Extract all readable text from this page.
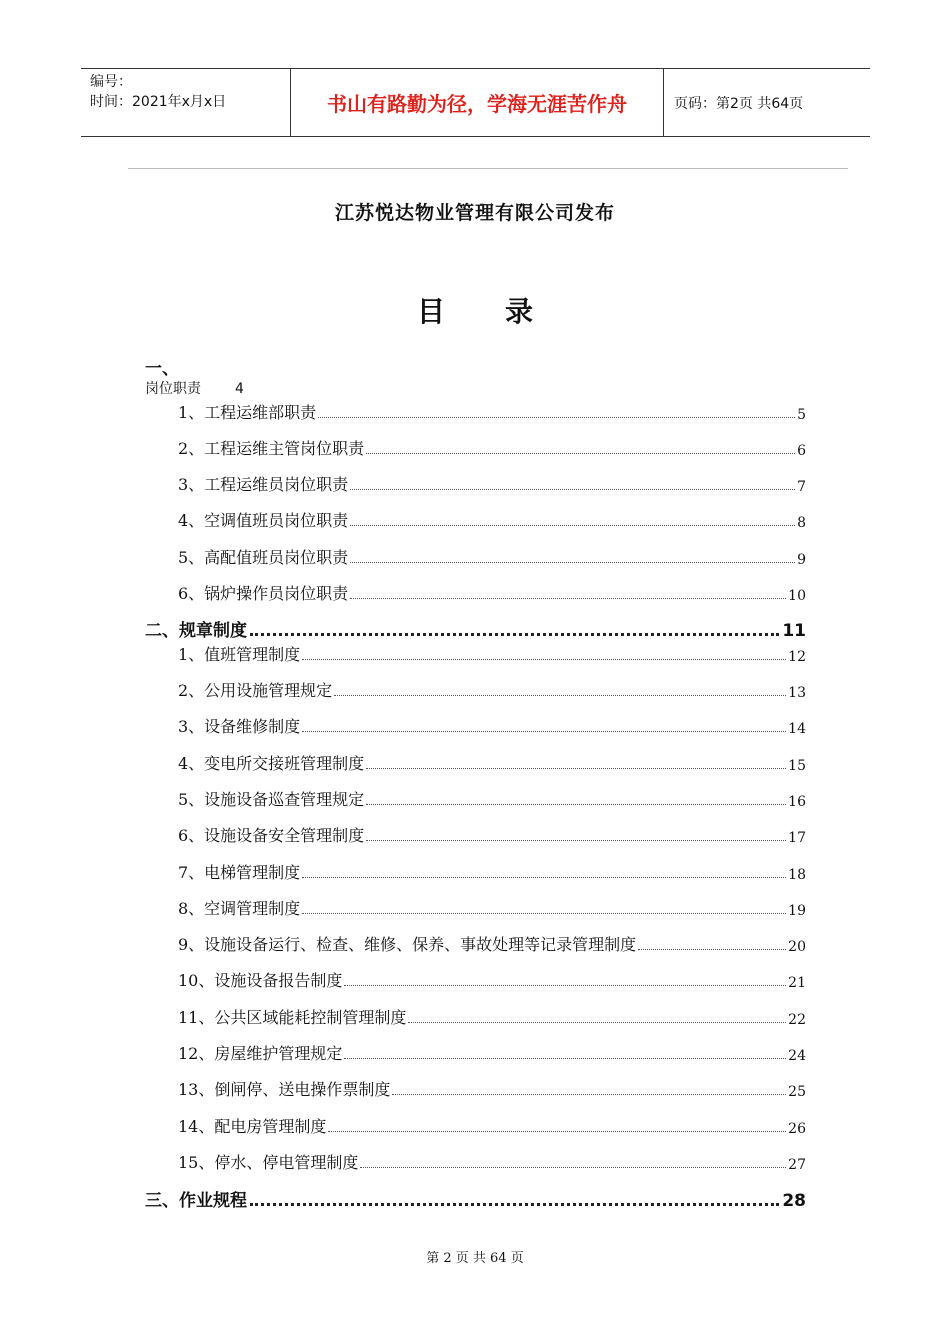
编号：
时间：2021年x月x日	书山有路勤为径，学海无涯苦作舟	页码：第2页 共64页
江苏悦达物业管理有限公司发布
目 录
一、
岗位职责 4
1、工程运维部职责	5
2、工程运维主管岗位职责	6
3、工程运维员岗位职责	7
4、空调值班员岗位职责	8
5、高配值班员岗位职责	9
6、锅炉操作员岗位职责	10
二、规章制度	11
1、值班管理制度	12
2、公用设施管理规定	13
3、设备维修制度	14
4、变电所交接班管理制度	15
5、设施设备巡查管理规定	16
6、设施设备安全管理制度	17
7、电梯管理制度	18
8、空调管理制度	19
9、设施设备运行、检查、维修、保养、事故处理等记录管理制度	20
10、设施设备报告制度	21
11、公共区域能耗控制管理制度	22
12、房屋维护管理规定	24
13、倒闸停、送电操作票制度	25
14、配电房管理制度	26
15、停水、停电管理制度	27
三、作业规程	28
第 2 页 共 64 页
